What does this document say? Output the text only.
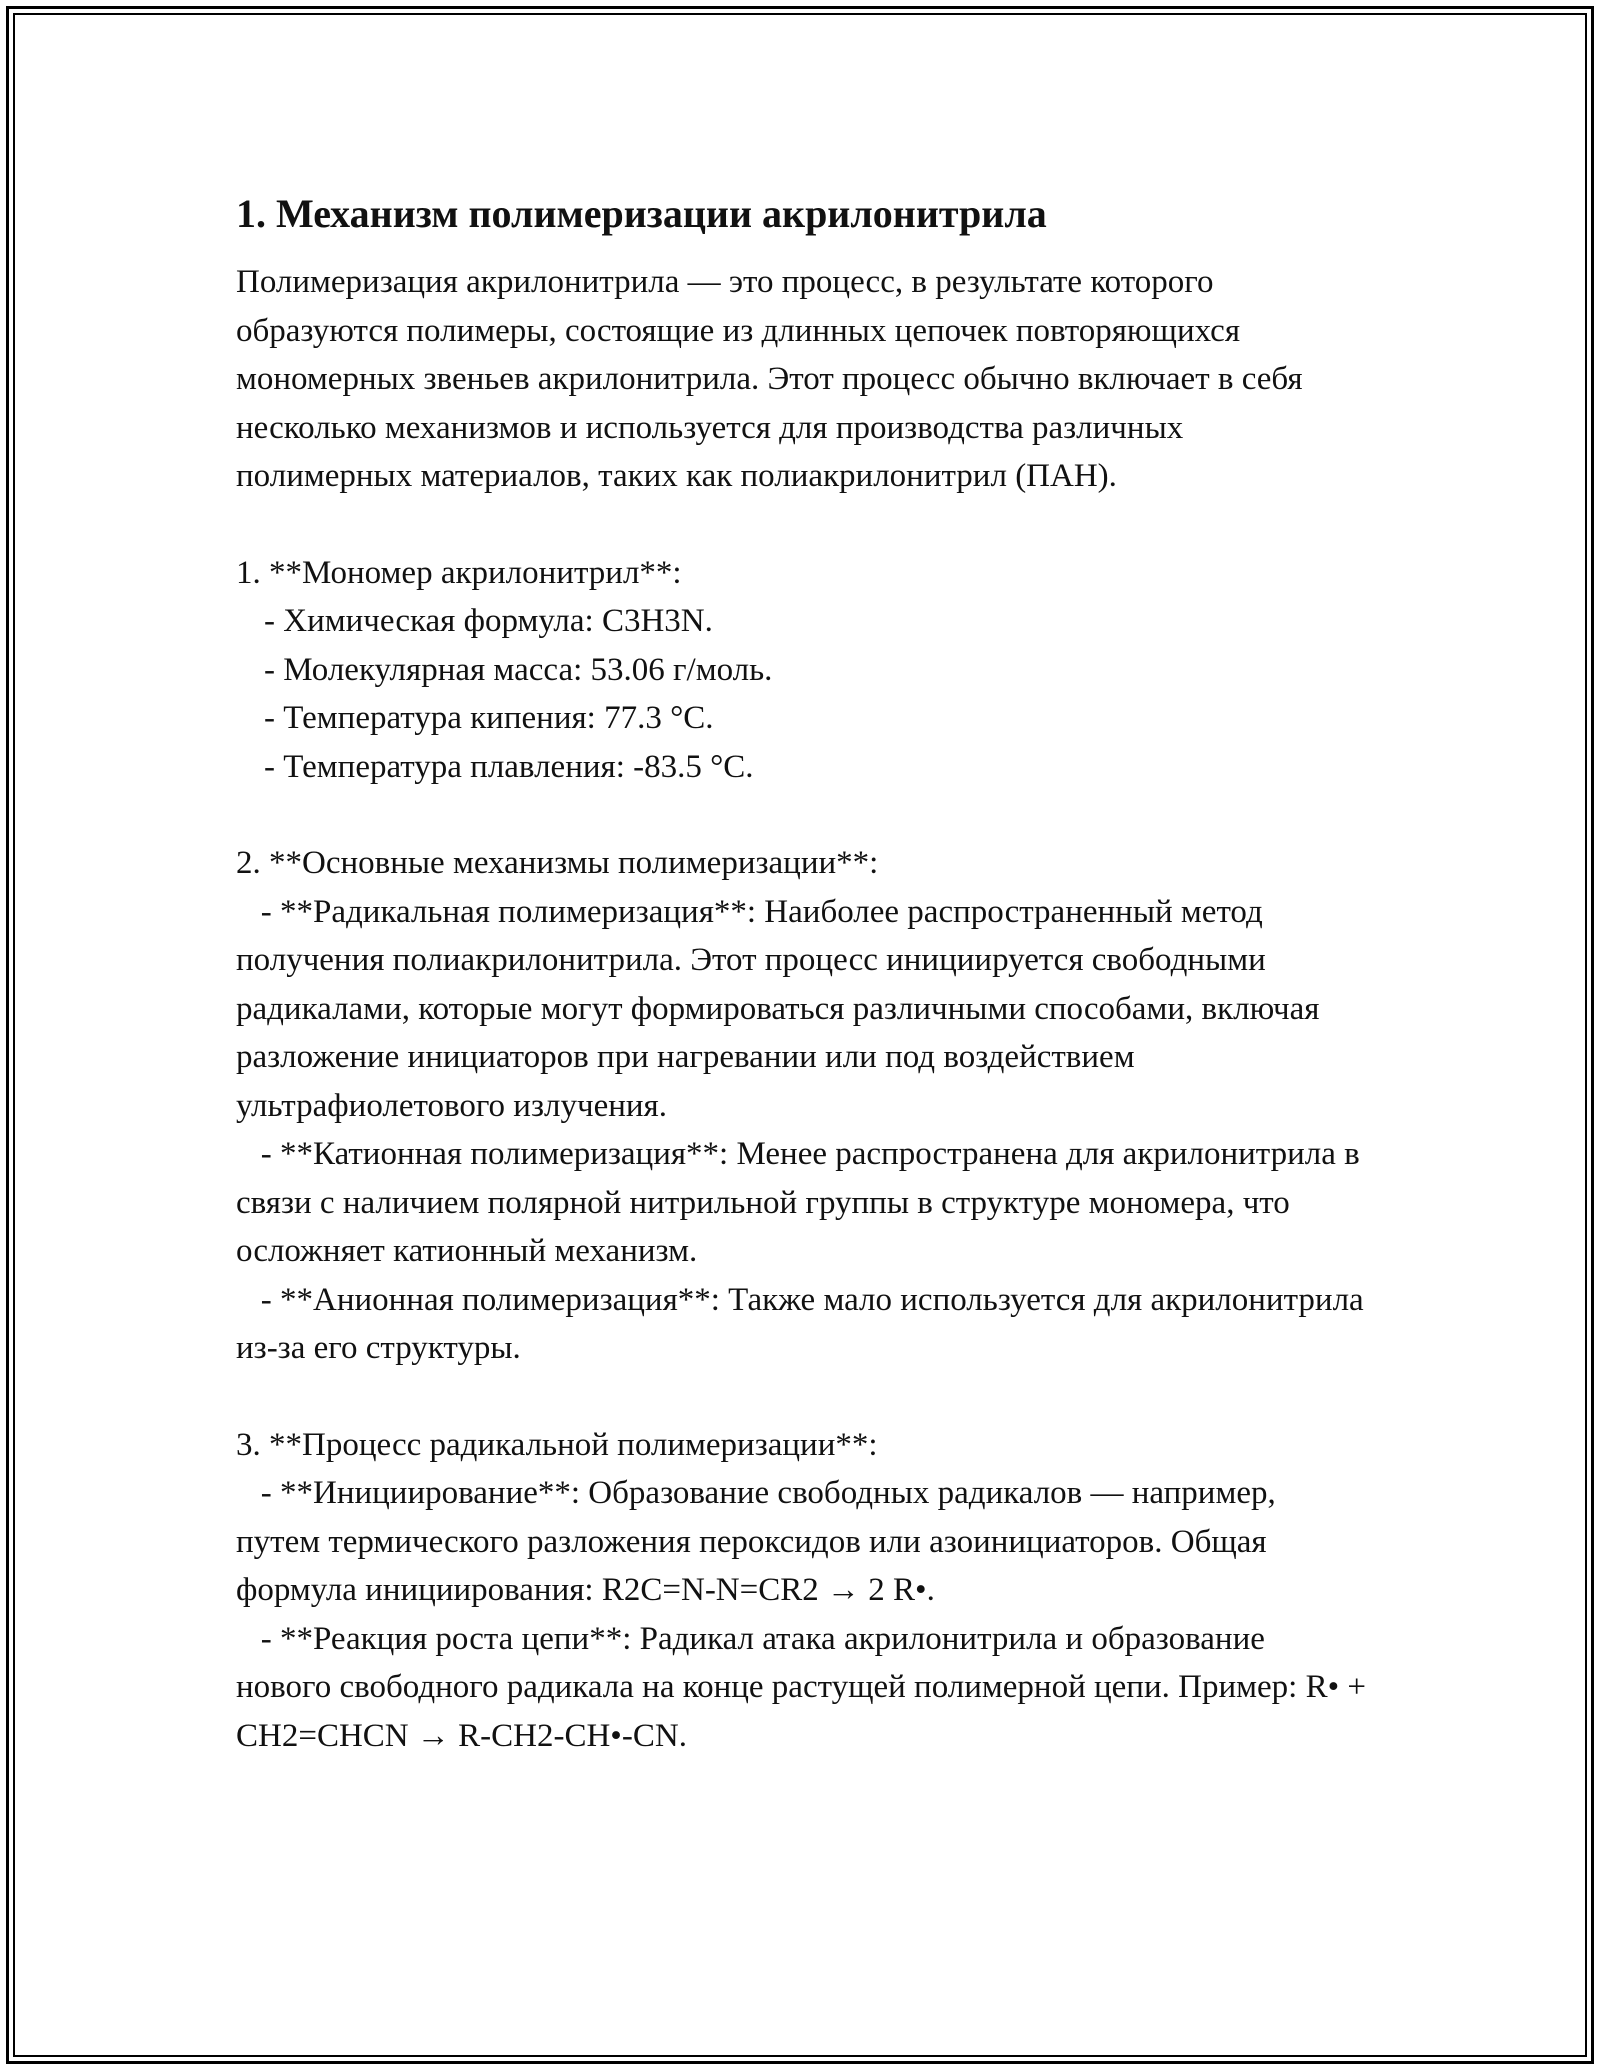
1. Механизм полимеризации акрилонитрила

Полимеризация акрилонитрила — это процесс, в результате которого образуются полимеры, состоящие из длинных цепочек повторяющихся мономерных звеньев акрилонитрила. Этот процесс обычно включает в себя несколько механизмов и используется для производства различных полимерных материалов, таких как полиакрилонитрил (ПАН).

1. **Мономер акрилонитрил**:

- Химическая формула: C3H3N.

- Молекулярная масса: 53.06 г/моль.

- Температура кипения: 77.3 °C.

- Температура плавления: -83.5 °C.

2. **Основные механизмы полимеризации**:

- **Радикальная полимеризация**: Наиболее распространенный метод получения полиакрилонитрила. Этот процесс инициируется свободными радикалами, которые могут формироваться различными способами, включая разложение инициаторов при нагревании или под воздействием ультрафиолетового излучения.

- **Катионная полимеризация**: Менее распространена для акрилонитрила в связи с наличием полярной нитрильной группы в структуре мономера, что осложняет катионный механизм.

- **Анионная полимеризация**: Также мало используется для акрилонитрила из-за его структуры.

3. **Процесс радикальной полимеризации**:

- **Инициирование**: Образование свободных радикалов — например, путем термического разложения пероксидов или азоинициаторов. Общая формула инициирования: R2C=N-N=CR2 → 2 R•.

- **Реакция роста цепи**: Радикал атака акрилонитрила и образование нового свободного радикала на конце растущей полимерной цепи. Пример: R• + CH2=CHCN → R-CH2-CH•-CN.
